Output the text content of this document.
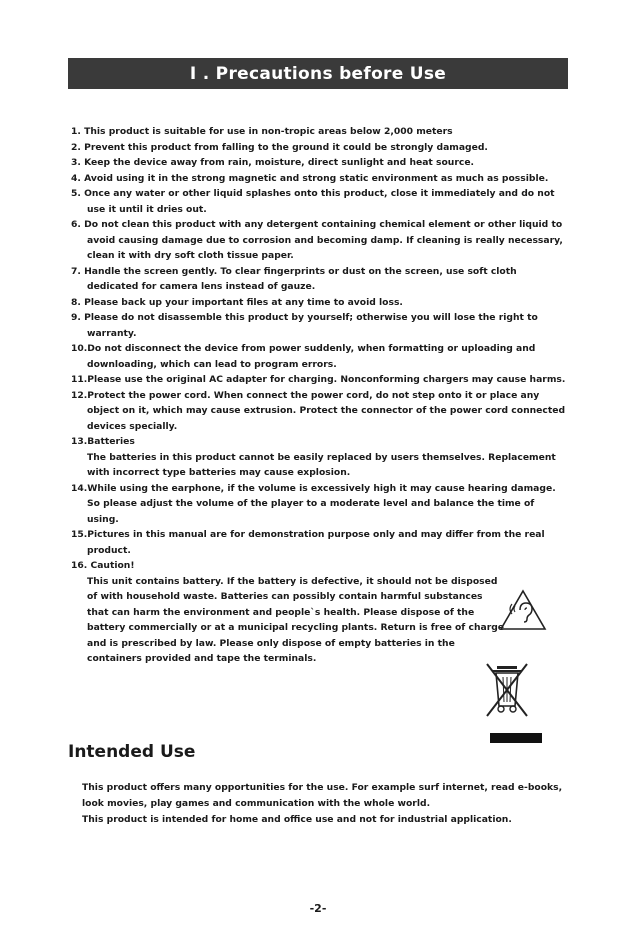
I . Precautions before Use
1. This product is suitable for use in non-tropic areas below 2,000 meters
2. Prevent this product from falling to the ground it could be strongly damaged.
3. Keep the device away from rain, moisture, direct sunlight and heat source.
4. Avoid using it in the strong magnetic and strong static environment as much as possible.
5. Once any water or other liquid splashes onto this product, close it immediately and do not use it until it dries out.
6. Do not clean this product with any detergent containing chemical element or other liquid to avoid causing damage due to corrosion and becoming damp. If cleaning is really necessary, clean it with dry soft cloth tissue paper.
7. Handle the screen gently. To clear fingerprints or dust on the screen, use soft cloth dedicated for camera lens instead of gauze.
8. Please back up your important files at any time to avoid loss.
9. Please do not disassemble this product by yourself; otherwise you will lose the right to warranty.
10.Do not disconnect the device from power suddenly, when formatting or uploading and downloading, which can lead to program errors.
11.Please use the original AC adapter for charging. Nonconforming chargers may cause harms.
12.Protect the power cord. When connect the power cord, do not step onto it or place any object on it, which may cause extrusion. Protect the connector of the power cord connected devices specially.
13.Batteries
The batteries in this product cannot be easily replaced by users themselves. Replacement with incorrect type batteries may cause explosion.
14.While using the earphone, if the volume is excessively high it may cause hearing damage. So please adjust the volume of the player to a moderate level and balance the time of using.
15.Pictures in this manual are for demonstration purpose only and may differ from the real product.
16. Caution!
This unit contains battery. If the battery is defective, it should not be disposed of with household waste. Batteries can possibly contain harmful substances that can harm the environment and people`s health. Please dispose of the battery commercially or at a municipal recycling plants. Return is free of charge and is prescribed by law. Please only dispose of empty batteries in the containers provided and tape the terminals.
Intended Use

This product offers many opportunities for the use. For example surf internet, read e-books, look movies, play games and communication with the whole world.

This product is intended for home and office use and not for industrial application.

-2-
